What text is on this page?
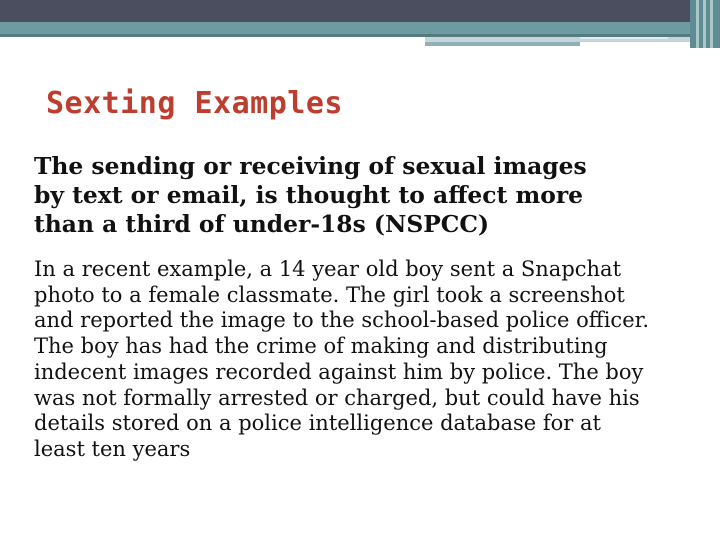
Sexting Examples
The sending or receiving of sexual images
by text or email, is thought to affect more
than a third of under-18s (NSPCC)
In a recent example, a 14 year old boy sent a Snapchat
photo to a female classmate. The girl took a screenshot
and reported the image to the school-based police officer.
The boy has had the crime of making and distributing
indecent images recorded against him by police. The boy
was not formally arrested or charged, but could have his
details stored on a police intelligence database for at
least ten years
